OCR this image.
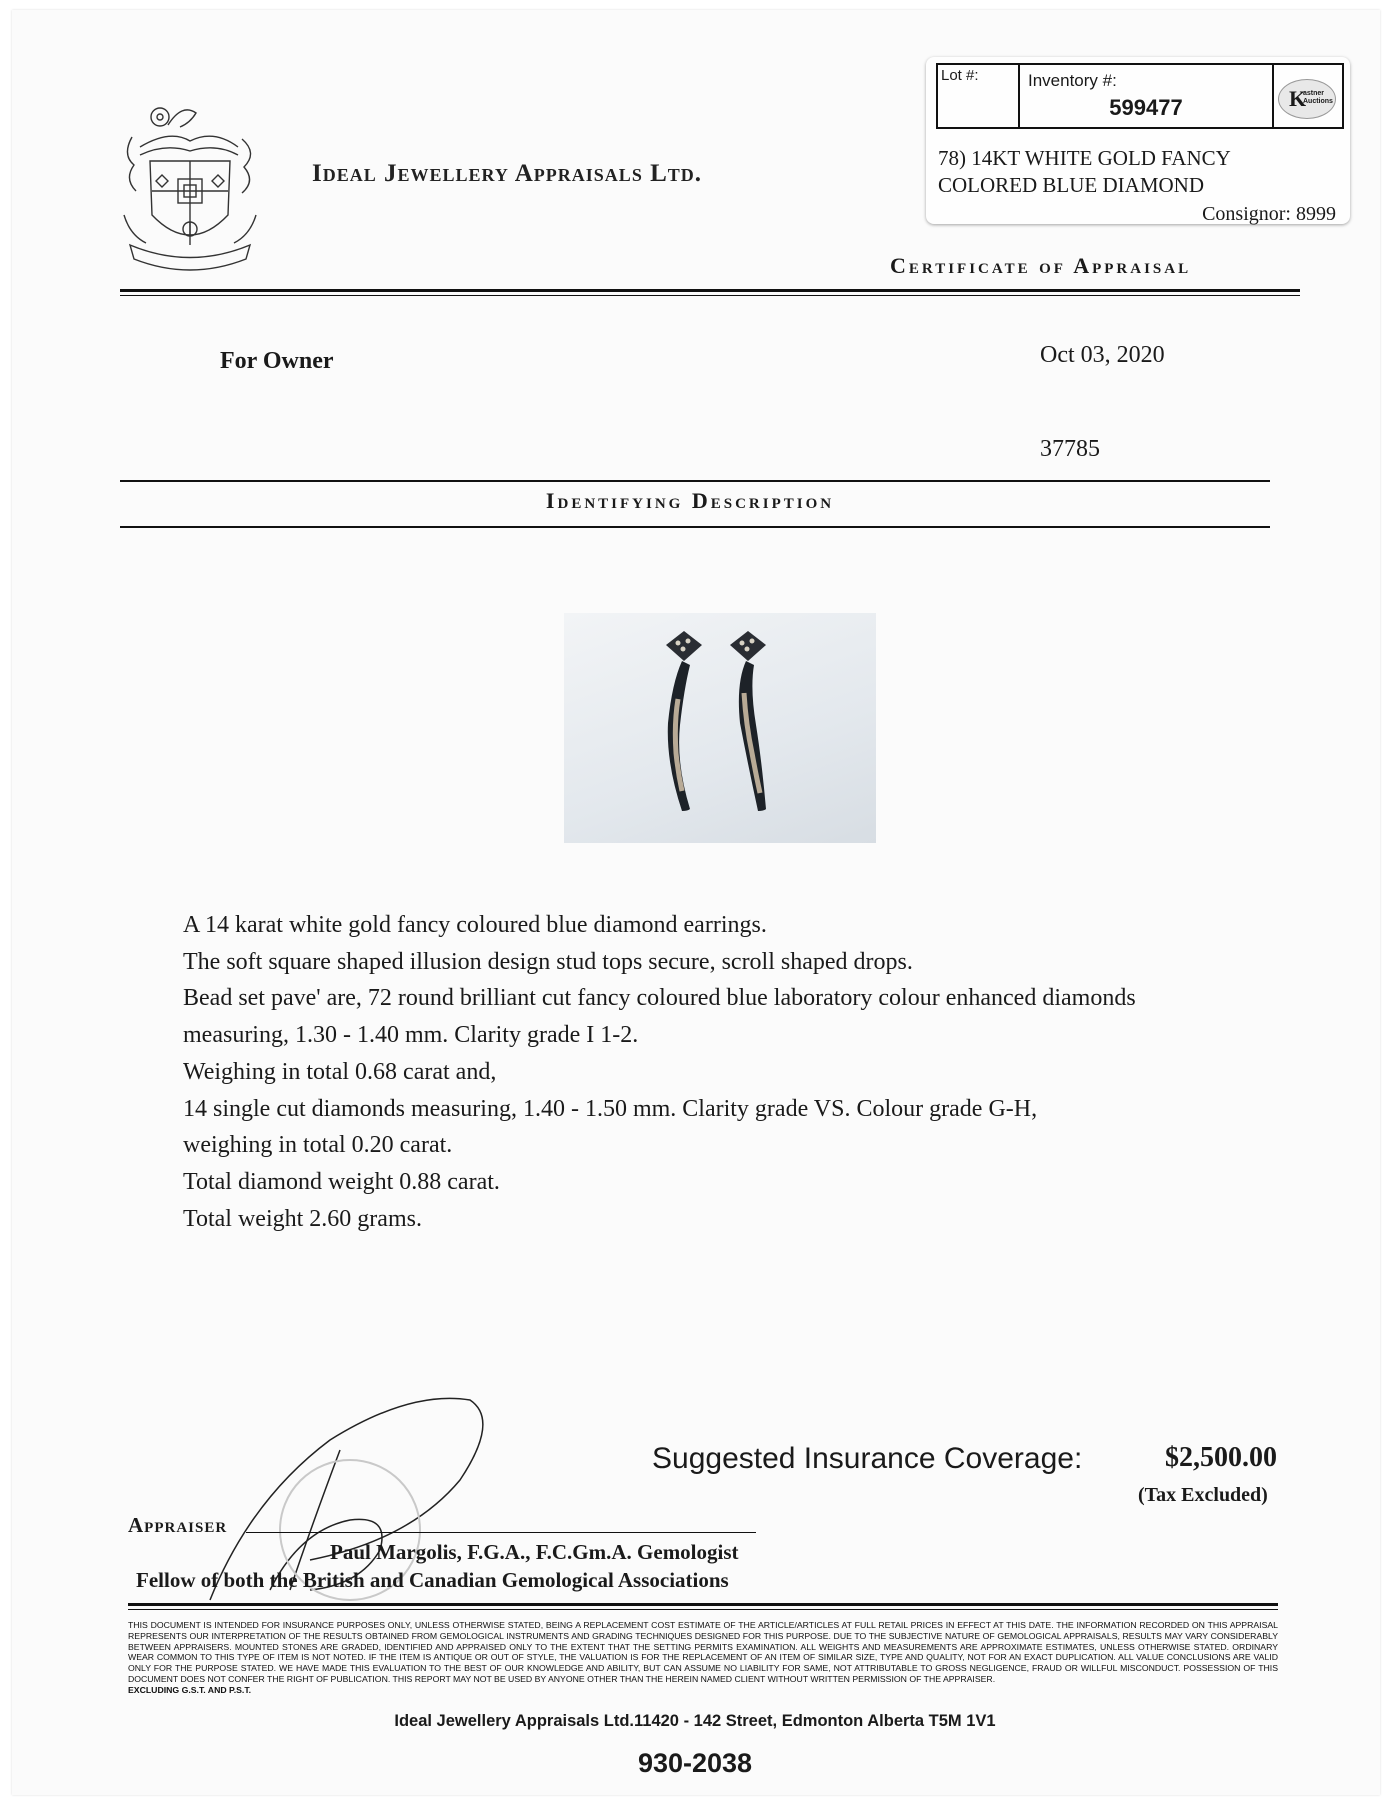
Ideal Jewellery Appraisals Ltd.
Lot #:	Inventory #:
599477	K
astner
Auctions
78) 14KT WHITE GOLD FANCY
COLORED BLUE DIAMOND
Consignor: 8999
Certificate of Appraisal
For Owner	Oct 03, 2020
37785
Identifying Description
A 14 karat white gold fancy coloured blue diamond earrings.
The soft square shaped illusion design stud tops secure, scroll shaped drops.
Bead set pave' are, 72 round brilliant cut fancy coloured blue laboratory colour enhanced diamonds
measuring, 1.30 - 1.40 mm. Clarity grade I 1-2.
Weighing in total 0.68 carat and,
14 single cut diamonds measuring, 1.40 - 1.50 mm. Clarity grade VS. Colour grade G-H,
weighing in total 0.20 carat.
Total diamond weight 0.88 carat.
Total weight 2.60 grams.
Suggested Insurance Coverage:	$2,500.00
(Tax Excluded)
Appraiser
Paul Margolis, F.G.A., F.C.Gm.A. Gemologist
Fellow of both the British and Canadian Gemological Associations
THIS DOCUMENT IS INTENDED FOR INSURANCE PURPOSES ONLY, UNLESS OTHERWISE STATED, BEING A REPLACEMENT COST ESTIMATE OF THE ARTICLE/ARTICLES AT FULL RETAIL PRICES IN EFFECT AT THIS DATE. THE INFORMATION RECORDED ON THIS APPRAISAL REPRESENTS OUR INTERPRETATION OF THE RESULTS OBTAINED FROM GEMOLOGICAL INSTRUMENTS AND GRADING TECHNIQUES DESIGNED FOR THIS PURPOSE. DUE TO THE SUBJECTIVE NATURE OF GEMOLOGICAL APPRAISALS, RESULTS MAY VARY CONSIDERABLY BETWEEN APPRAISERS. MOUNTED STONES ARE GRADED, IDENTIFIED AND APPRAISED ONLY TO THE EXTENT THAT THE SETTING PERMITS EXAMINATION. ALL WEIGHTS AND MEASUREMENTS ARE APPROXIMATE ESTIMATES, UNLESS OTHERWISE STATED. ORDINARY WEAR COMMON TO THIS TYPE OF ITEM IS NOT NOTED. IF THE ITEM IS ANTIQUE OR OUT OF STYLE, THE VALUATION IS FOR THE REPLACEMENT OF AN ITEM OF SIMILAR SIZE, TYPE AND QUALITY, NOT FOR AN EXACT DUPLICATION. ALL VALUE CONCLUSIONS ARE VALID ONLY FOR THE PURPOSE STATED. WE HAVE MADE THIS EVALUATION TO THE BEST OF OUR KNOWLEDGE AND ABILITY, BUT CAN ASSUME NO LIABILITY FOR SAME, NOT ATTRIBUTABLE TO GROSS NEGLIGENCE, FRAUD OR WILLFUL MISCONDUCT. POSSESSION OF THIS DOCUMENT DOES NOT CONFER THE RIGHT OF PUBLICATION. THIS REPORT MAY NOT BE USED BY ANYONE OTHER THAN THE HEREIN NAMED CLIENT WITHOUT WRITTEN PERMISSION OF THE APPRAISER.
EXCLUDING G.S.T. AND P.S.T.
Ideal Jewellery Appraisals Ltd.11420 - 142 Street, Edmonton Alberta T5M 1V1
930-2038
